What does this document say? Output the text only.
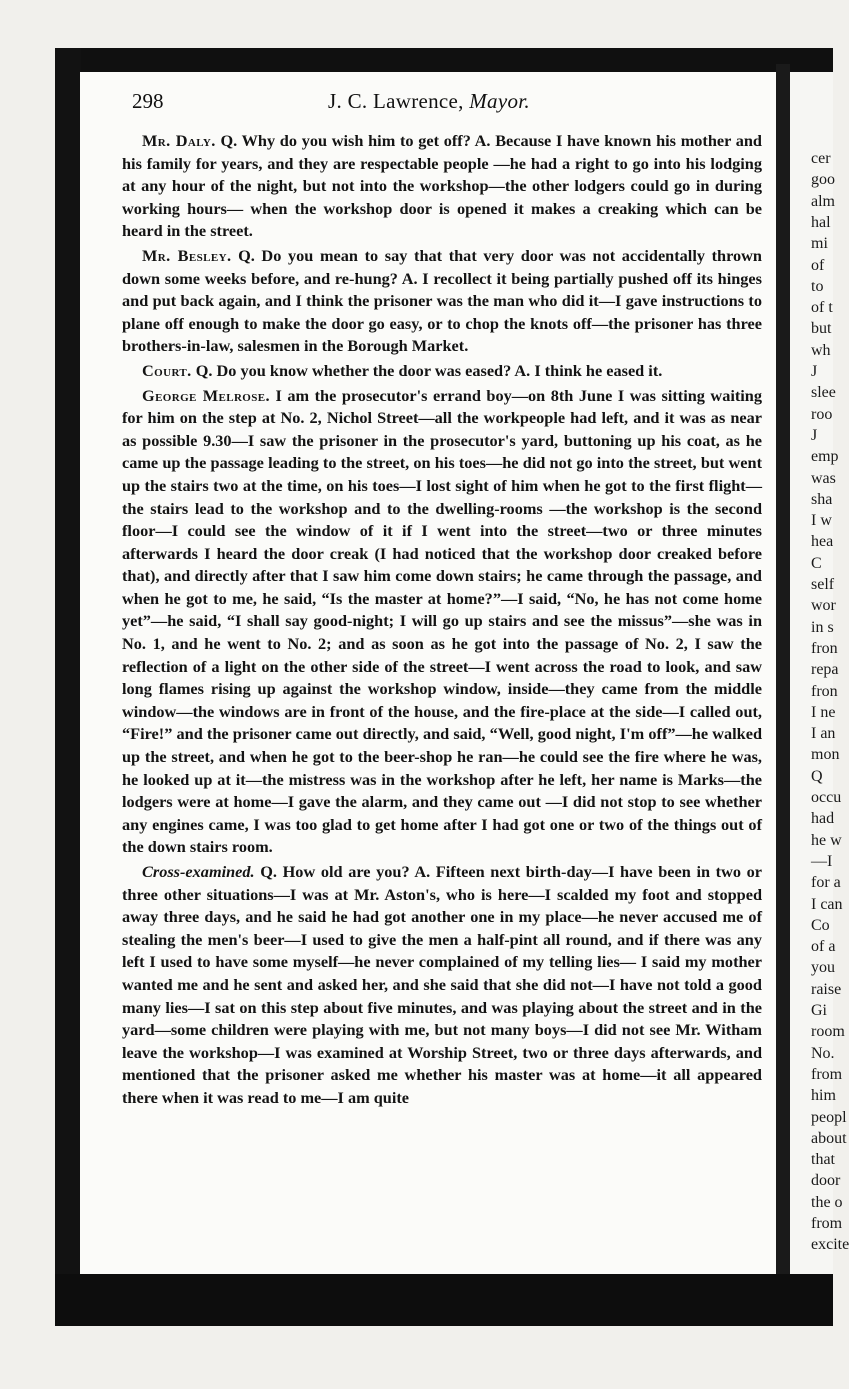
298	J. C. Lawrence, Mayor.

Mr. Daly. Q. Why do you wish him to get off? A. Because I have known his mother and his family for years, and they are respectable people —he had a right to go into his lodging at any hour of the night, but not into the workshop—the other lodgers could go in during working hours— when the workshop door is opened it makes a creaking which can be heard in the street.

Mr. Besley. Q. Do you mean to say that that very door was not accidentally thrown down some weeks before, and re-hung? A. I recollect it being partially pushed off its hinges and put back again, and I think the prisoner was the man who did it—I gave instructions to plane off enough to make the door go easy, or to chop the knots off—the prisoner has three brothers-in-law, salesmen in the Borough Market.

Court. Q. Do you know whether the door was eased? A. I think he eased it.

George Melrose. I am the prosecutor's errand boy—on 8th June I was sitting waiting for him on the step at No. 2, Nichol Street—all the workpeople had left, and it was as near as possible 9.30—I saw the prisoner in the prosecutor's yard, buttoning up his coat, as he came up the passage leading to the street, on his toes—he did not go into the street, but went up the stairs two at the time, on his toes—I lost sight of him when he got to the first flight—the stairs lead to the workshop and to the dwelling-rooms —the workshop is the second floor—I could see the window of it if I went into the street—two or three minutes afterwards I heard the door creak (I had noticed that the workshop door creaked before that), and directly after that I saw him come down stairs; he came through the passage, and when he got to me, he said, “Is the master at home?”—I said, “No, he has not come home yet”—he said, “I shall say good-night; I will go up stairs and see the missus”—she was in No. 1, and he went to No. 2; and as soon as he got into the passage of No. 2, I saw the reflection of a light on the other side of the street—I went across the road to look, and saw long flames rising up against the workshop window, inside—they came from the middle window—the windows are in front of the house, and the fire-place at the side—I called out, “Fire!” and the prisoner came out directly, and said, “Well, good night, I'm off”—he walked up the street, and when he got to the beer-shop he ran—he could see the fire where he was, he looked up at it—the mistress was in the workshop after he left, her name is Marks—the lodgers were at home—I gave the alarm, and they came out —I did not stop to see whether any engines came, I was too glad to get home after I had got one or two of the things out of the down stairs room.

Cross-examined. Q. How old are you? A. Fifteen next birth-day—I have been in two or three other situations—I was at Mr. Aston's, who is here—I scalded my foot and stopped away three days, and he said he had got another one in my place—he never accused me of stealing the men's beer—I used to give the men a half-pint all round, and if there was any left I used to have some myself—he never complained of my telling lies— I said my mother wanted me and he sent and asked her, and she said that she did not—I have not told a good many lies—I sat on this step about five minutes, and was playing about the street and in the yard—some children were playing with me, but not many boys—I did not see Mr. Witham leave the workshop—I was examined at Worship Street, two or three days afterwards, and mentioned that the prisoner asked me whether his master was at home—it all appeared there when it was read to me—I am quite

cer
goo
alm
hal
mi
of
to
of t
but
wh
J
slee
roo
J
emp
was
sha
I w
hea
C
self
wor
in s
fron
repa
fron
I ne
I an
mon
Q
occu
had
he w
—I
for a
I can
Co
of a
you
raise
Gi
room
No.
from
him
peopl
about
that
door
the o
from
excite
